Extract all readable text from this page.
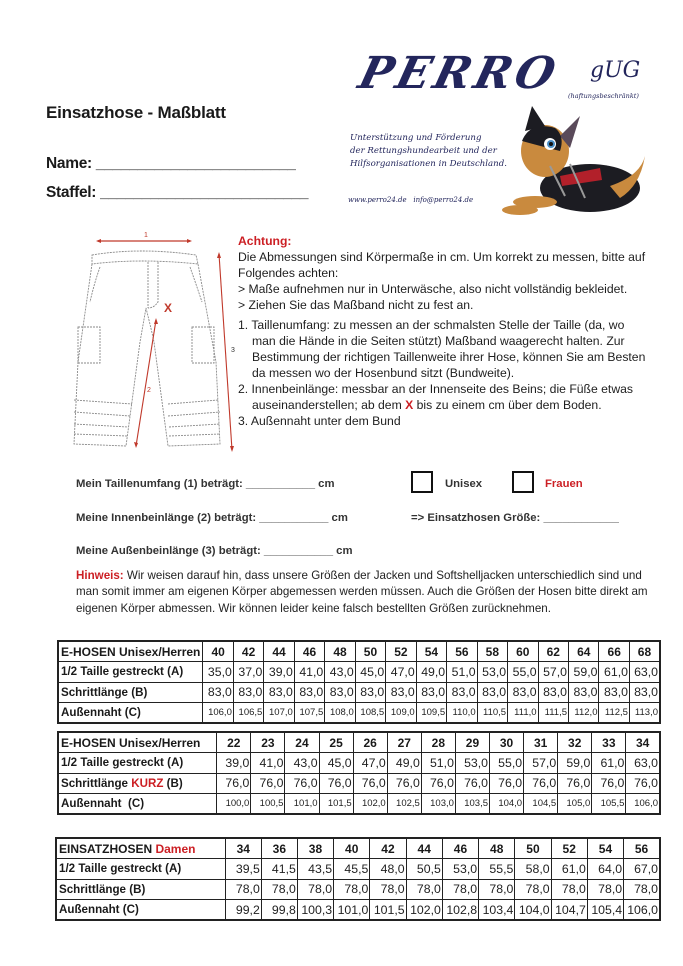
Einsatzhose - Maßblatt
Name: ________________________
Staffel: _________________________
PERRO gUG
(haftungsbeschränkt)
Unterstützung und Förderung
der Rettungshundearbeit und der
Hilfsorganisationen in Deutschland.
www.perro24.de info@perro24.de
1
X
2
3

Achtung:

Die Abmessungen sind Körpermaße in cm. Um korrekt zu messen, bitte auf Folgendes achten:

> Maße aufnehmen nur in Unterwäsche, also nicht vollständig bekleidet.

> Ziehen Sie das Maßband nicht zu fest an.

1. Taillenumfang: zu messen an der schmalsten Stelle der Taille (da, wo man die Hände in die Seiten stützt) Maßband waagerecht halten. Zur Bestimmung der richtigen Taillenweite ihrer Hose, können Sie am Besten da messen wo der Hosenbund sitzt (Bundweite).
2. Innenbeinlänge: messbar an der Innenseite des Beins; die Füße etwas auseinanderstellen; ab dem X bis zu einem cm über dem Boden.
3. Außennaht unter dem Bund
Mein Taillenumfang (1) beträgt: ___________ cm	Unisex	Frauen
Meine Innenbeinlänge (2) beträgt: ___________ cm	=> Einsatzhosen Größe: ____________
Meine Außenbeinlänge (3) beträgt: ___________ cm
Hinweis: Wir weisen darauf hin, dass unsere Größen der Jacken und Softshelljacken unterschiedlich sind und man somit immer am eigenen Körper abgemessen werden müssen. Auch die Größen der Hosen bitte direkt am eigenen Körper abmessen. Wir können leider keine falsch bestellten Größen zurücknehmen.
E-HOSEN Unisex/Herren	40	42	44	46	48	50	52	54	56	58	60	62	64	66	68
1/2 Taille gestreckt (A)	35,0	37,0	39,0	41,0	43,0	45,0	47,0	49,0	51,0	53,0	55,0	57,0	59,0	61,0	63,0
Schrittlänge (B)	83,0	83,0	83,0	83,0	83,0	83,0	83,0	83,0	83,0	83,0	83,0	83,0	83,0	83,0	83,0
Außennaht (C)	106,0	106,5	107,0	107,5	108,0	108,5	109,0	109,5	110,0	110,5	111,0	111,5	112,0	112,5	113,0
E-HOSEN Unisex/Herren	22	23	24	25	26	27	28	29	30	31	32	33	34
1/2 Taille gestreckt (A)	39,0	41,0	43,0	45,0	47,0	49,0	51,0	53,0	55,0	57,0	59,0	61,0	63,0
Schrittlänge KURZ (B)	76,0	76,0	76,0	76,0	76,0	76,0	76,0	76,0	76,0	76,0	76,0	76,0	76,0
Außennaht  (C)	100,0	100,5	101,0	101,5	102,0	102,5	103,0	103,5	104,0	104,5	105,0	105,5	106,0
EINSATZHOSEN Damen	34	36	38	40	42	44	46	48	50	52	54	56
1/2 Taille gestreckt (A)	39,5	41,5	43,5	45,5	48,0	50,5	53,0	55,5	58,0	61,0	64,0	67,0
Schrittlänge (B)	78,0	78,0	78,0	78,0	78,0	78,0	78,0	78,0	78,0	78,0	78,0	78,0
Außennaht (C)	99,2	99,8	100,3	101,0	101,5	102,0	102,8	103,4	104,0	104,7	105,4	106,0
